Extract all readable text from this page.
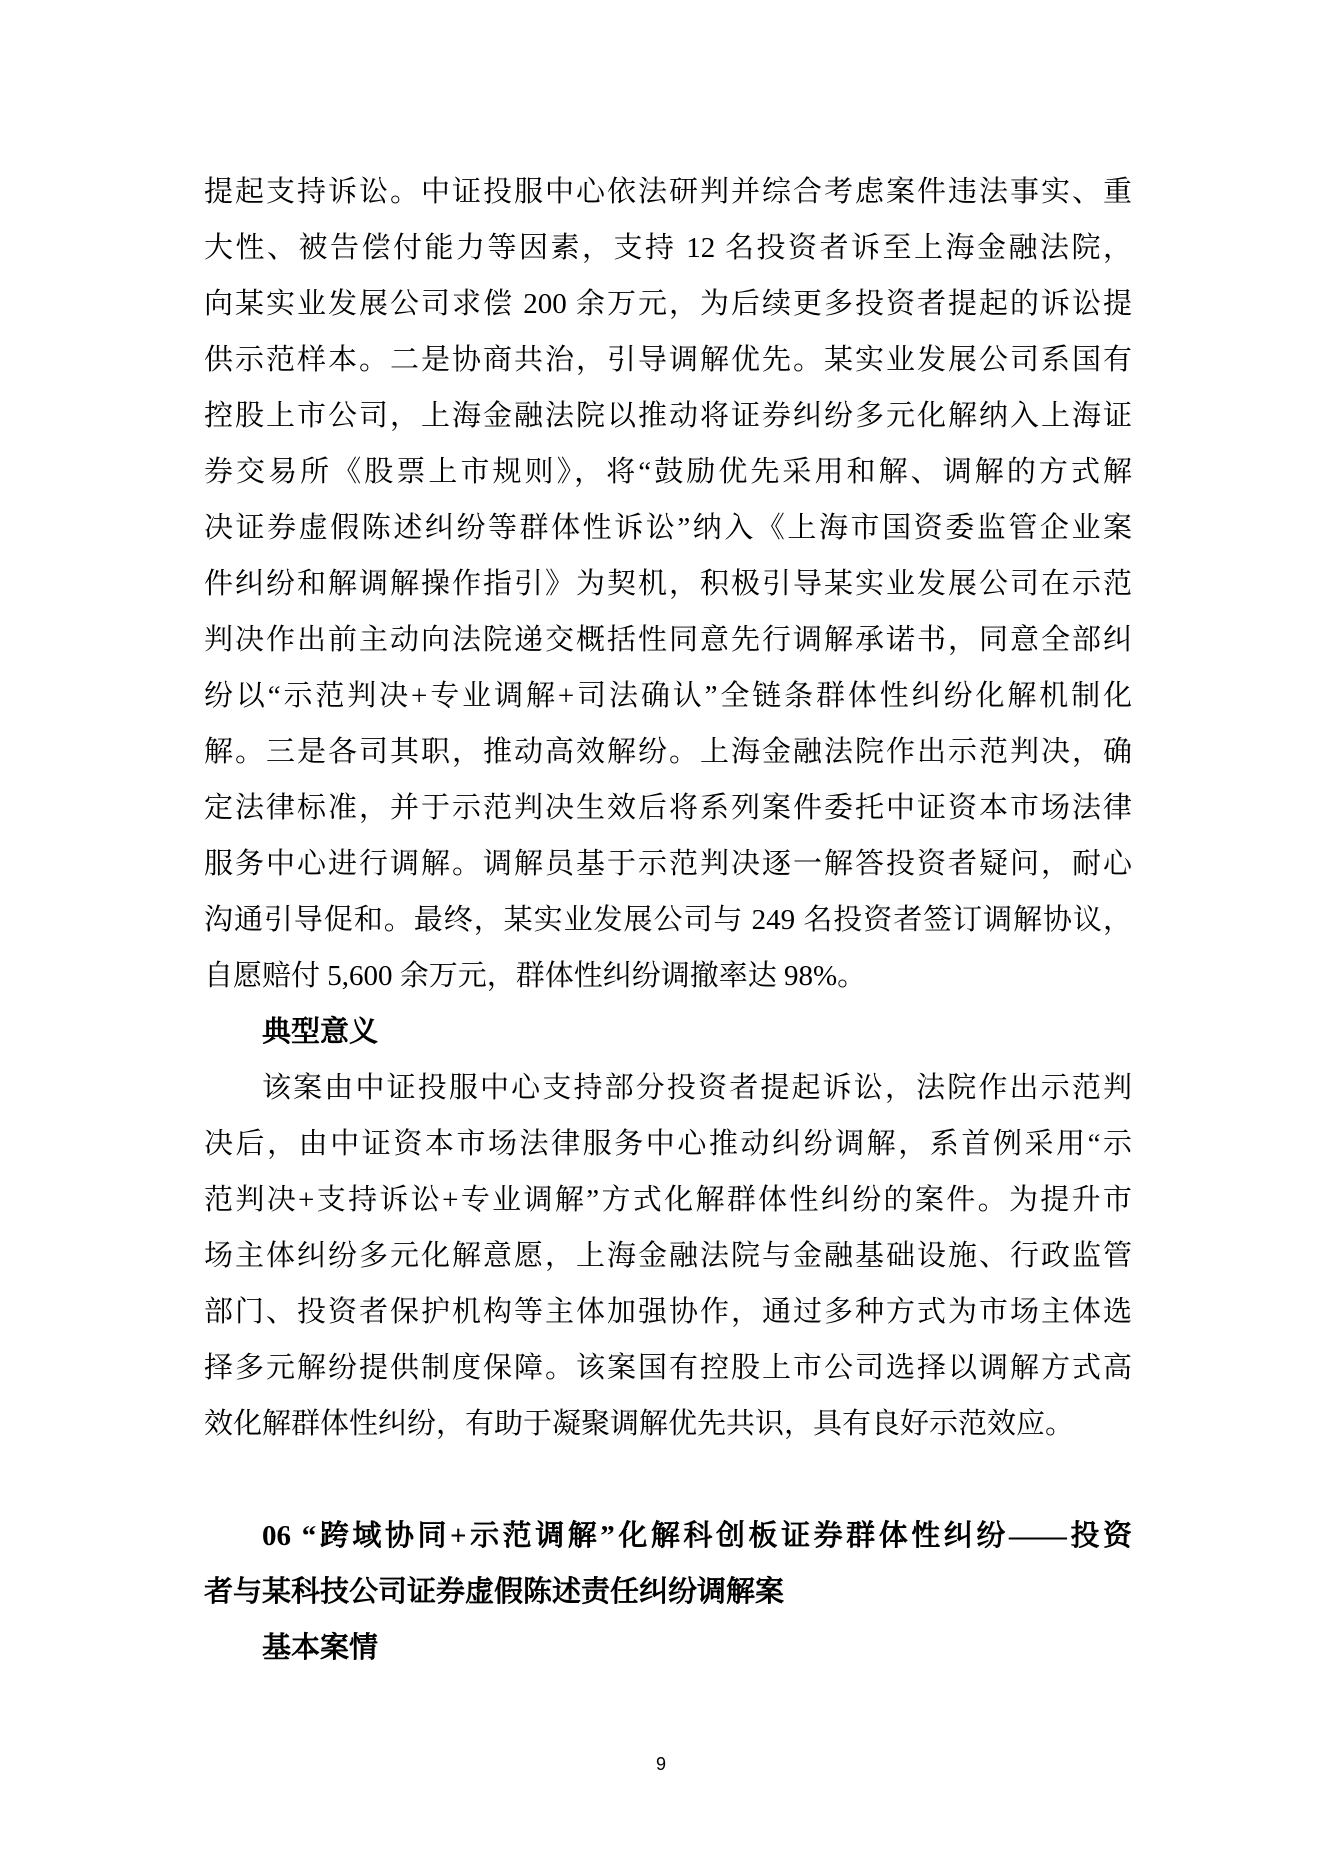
提起支持诉讼。中证投服中心依法研判并综合考虑案件违法事实、重
大性、被告偿付能力等因素，支持 12 名投资者诉至上海金融法院，
向某实业发展公司求偿 200 余万元，为后续更多投资者提起的诉讼提
供示范样本。二是协商共治，引导调解优先。某实业发展公司系国有
控股上市公司，上海金融法院以推动将证券纠纷多元化解纳入上海证
券交易所《股票上市规则》，将“鼓励优先采用和解、调解的方式解
决证券虚假陈述纠纷等群体性诉讼”纳入《上海市国资委监管企业案
件纠纷和解调解操作指引》为契机，积极引导某实业发展公司在示范
判决作出前主动向法院递交概括性同意先行调解承诺书，同意全部纠
纷以“示范判决+专业调解+司法确认”全链条群体性纠纷化解机制化
解。三是各司其职，推动高效解纷。上海金融法院作出示范判决，确
定法律标准，并于示范判决生效后将系列案件委托中证资本市场法律
服务中心进行调解。调解员基于示范判决逐一解答投资者疑问，耐心
沟通引导促和。最终，某实业发展公司与 249 名投资者签订调解协议，
自愿赔付 5,600 余万元，群体性纠纷调撤率达 98%。
典型意义
该案由中证投服中心支持部分投资者提起诉讼，法院作出示范判
决后，由中证资本市场法律服务中心推动纠纷调解，系首例采用“示
范判决+支持诉讼+专业调解”方式化解群体性纠纷的案件。为提升市
场主体纠纷多元化解意愿，上海金融法院与金融基础设施、行政监管
部门、投资者保护机构等主体加强协作，通过多种方式为市场主体选
择多元解纷提供制度保障。该案国有控股上市公司选择以调解方式高
效化解群体性纠纷，有助于凝聚调解优先共识，具有良好示范效应。
06 “跨域协同+示范调解”化解科创板证券群体性纠纷——投资
者与某科技公司证券虚假陈述责任纠纷调解案
基本案情
9
